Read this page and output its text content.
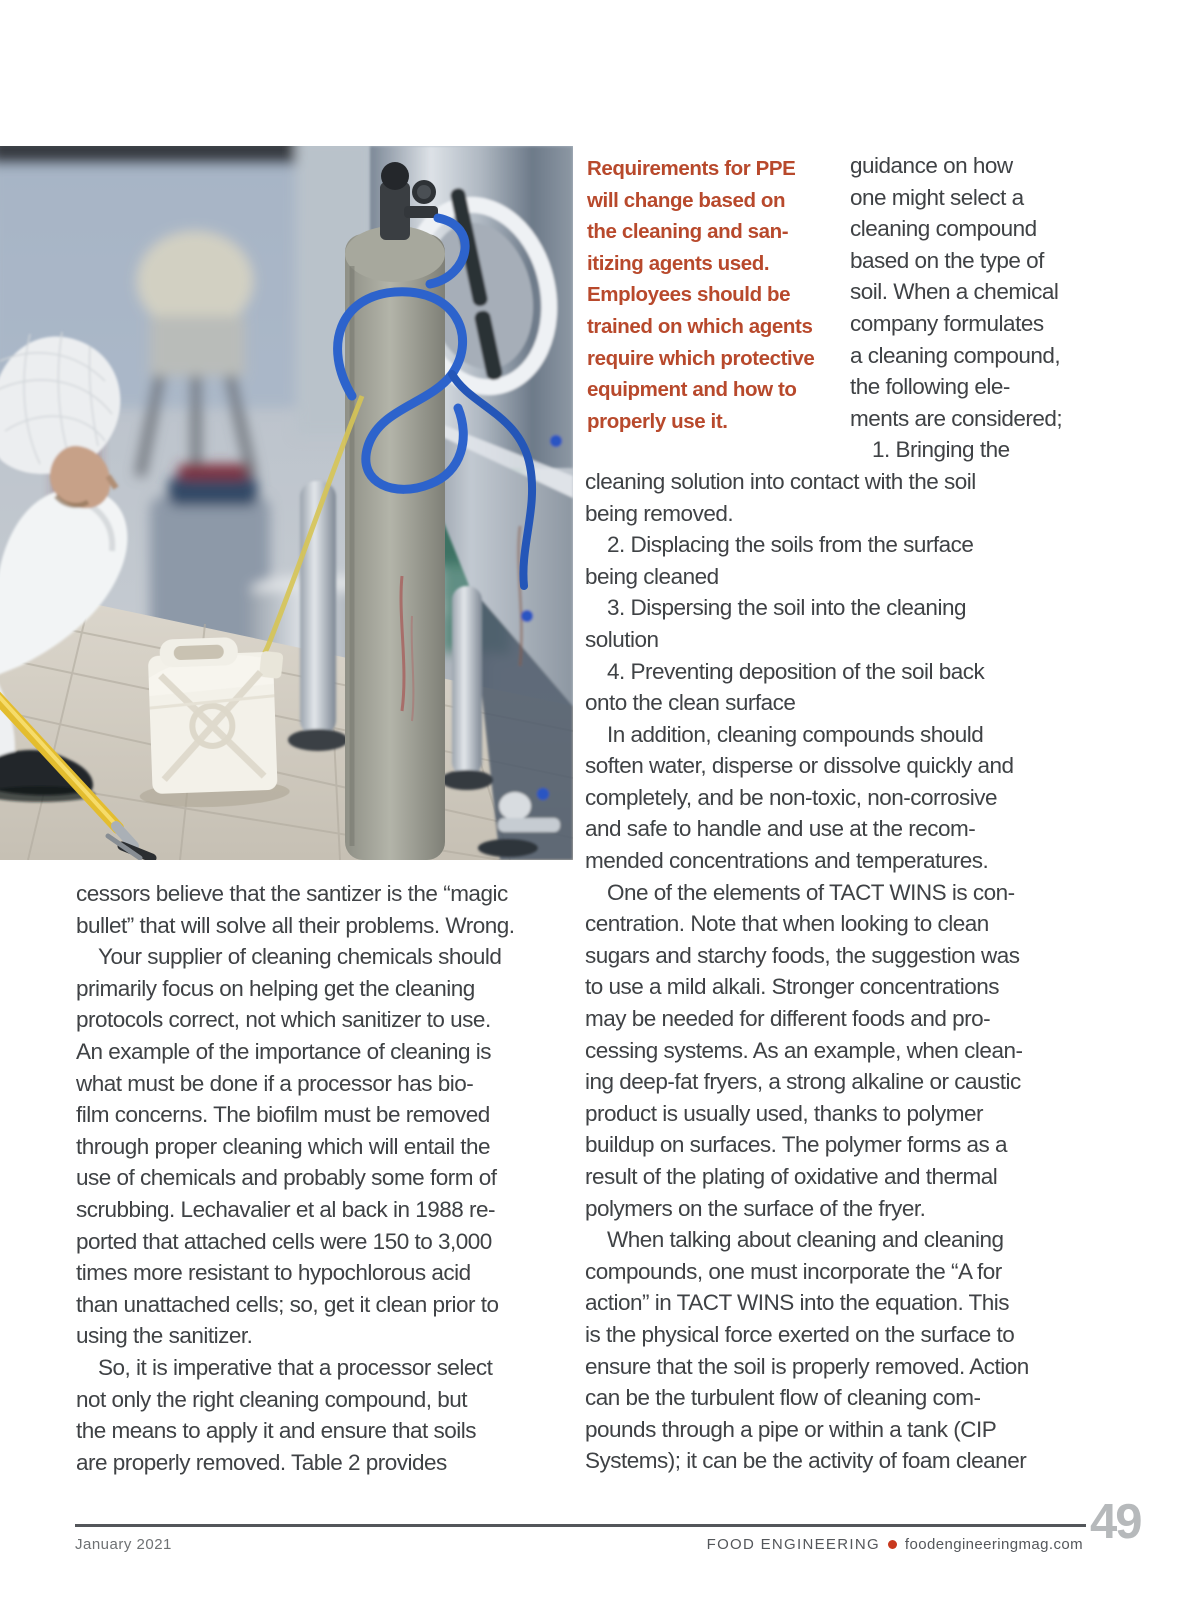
Requirements for PPE
will change based on
the cleaning and san-
itizing agents used.
Employees should be
trained on which agents
require which protective
equipment and how to
properly use it.
guidance on how
one might select a
cleaning compound
based on the type of
soil. When a chemical
company formulates
a cleaning compound,
the following ele-
ments are considered;
1. Bringing the
cleaning solution into contact with the soil
being removed.
2. Displacing the soils from the surface
being cleaned
3. Dispersing the soil into the cleaning
solution
4. Preventing deposition of the soil back
onto the clean surface
In addition, cleaning compounds should
soften water, disperse or dissolve quickly and
completely, and be non-toxic, non-corrosive
and safe to handle and use at the recom-
mended concentrations and temperatures.
One of the elements of TACT WINS is con-
centration. Note that when looking to clean
sugars and starchy foods, the suggestion was
to use a mild alkali. Stronger concentrations
may be needed for different foods and pro-
cessing systems. As an example, when clean-
ing deep-fat fryers, a strong alkaline or caustic
product is usually used, thanks to polymer
buildup on surfaces. The polymer forms as a
result of the plating of oxidative and thermal
polymers on the surface of the fryer.
When talking about cleaning and cleaning
compounds, one must incorporate the “A for
action” in TACT WINS into the equation. This
is the physical force exerted on the surface to
ensure that the soil is properly removed. Action
can be the turbulent flow of cleaning com-
pounds through a pipe or within a tank (CIP
Systems); it can be the activity of foam cleaner
cessors believe that the santizer is the “magic
bullet” that will solve all their problems. Wrong.
Your supplier of cleaning chemicals should
primarily focus on helping get the cleaning
protocols correct, not which sanitizer to use.
An example of the importance of cleaning is
what must be done if a processor has bio-
film concerns. The biofilm must be removed
through proper cleaning which will entail the
use of chemicals and probably some form of
scrubbing. Lechavalier et al back in 1988 re-
ported that attached cells were 150 to 3,000
times more resistant to hypochlorous acid
than unattached cells; so, get it clean prior to
using the sanitizer.
So, it is imperative that a processor select
not only the right cleaning compound, but
the means to apply it and ensure that soils
are properly removed. Table 2 provides
January 2021	FOOD ENGINEERING foodengineeringmag.com 49
